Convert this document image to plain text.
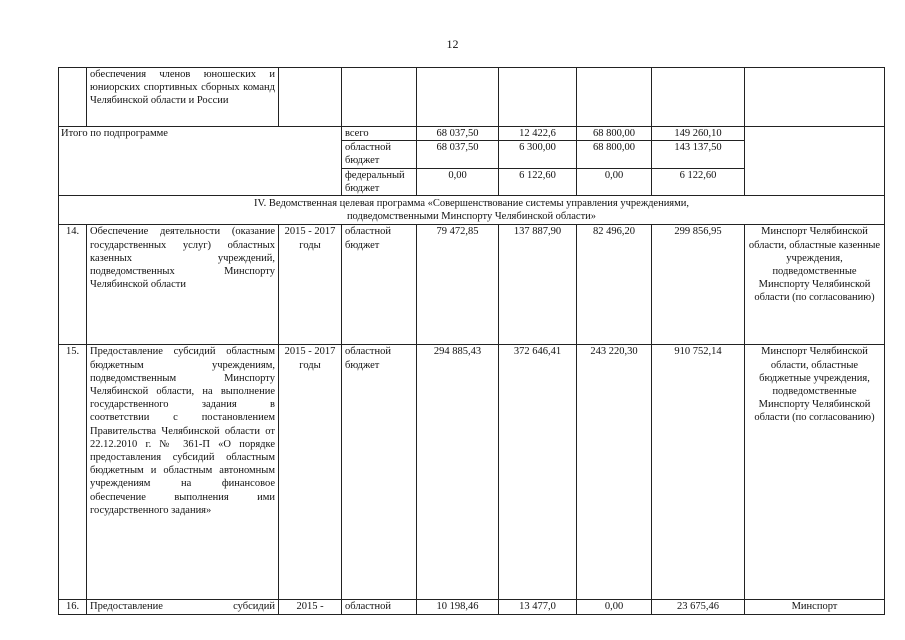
12
	обеспечения членов юношеских и юниорских спортивных сборных команд Челябинской области и России							
Итого по подпрограмме			всего	68 037,50	12 422,6	68 800,00	149 260,10	
			областной бюджет	68 037,50	6 300,00	68 800,00	143 137,50	
			федеральный бюджет	0,00	6 122,60	0,00	6 122,60	
IV. Ведомственная целевая программа «Совершенствование системы управления учреждениями, подведомственными Минспорту Челябинской области»								
14.	Обеспечение деятельности (оказание государственных услуг) областных казенных учреждений, подведомственных Минспорту Челябинской области	2015 - 2017 годы	областной бюджет	79 472,85	137 887,90	82 496,20	299 856,95	Минспорт Челябинской области, областные казенные учреждения, подведомственные Минспорту Челябинской области (по согласованию)
15.	Предоставление субсидий областным бюджетным учреждениям, подведомственным Минспорту Челябинской области, на выполнение государственного задания в соответствии с постановлением Правительства Челябинской области от 22.12.2010 г. № 361-П «О порядке предоставления субсидий областным бюджетным и областным автономным учреждениям на финансовое обеспечение выполнения ими государственного задания»	2015 - 2017 годы	областной бюджет	294 885,43	372 646,41	243 220,30	910 752,14	Минспорт Челябинской области, областные бюджетные учреждения, подведомственные Минспорту Челябинской области (по согласованию)
16.	Предоставление субсидий	2015 -	областной	10 198,46	13 477,0	0,00	23 675,46	Минспорт
